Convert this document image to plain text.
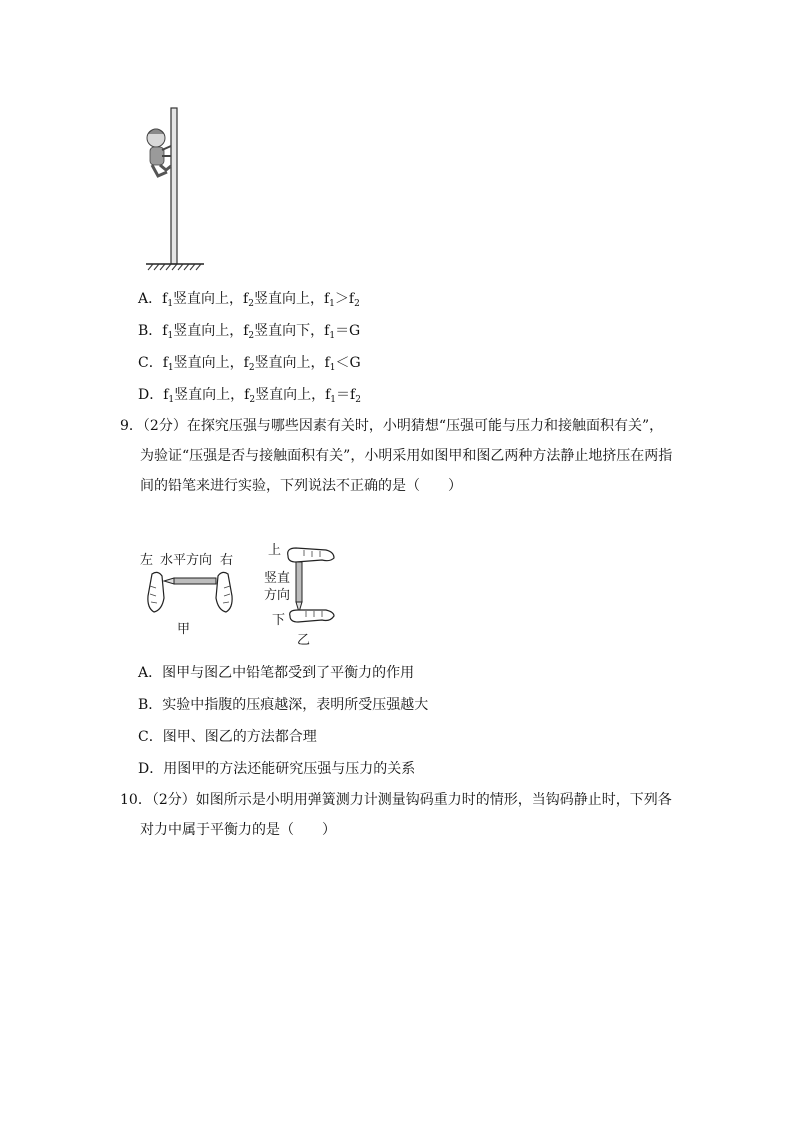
A．$f_1$竖直向上，$f_2$竖直向上，$f_1>f_2$
B．$f_1$竖直向上，$f_2$竖直向下，$f_1=G$
C．$f_1$竖直向上，$f_2$竖直向上，$f_1<G$
D．$f_1$竖直向上，$f_2$竖直向上，$f_1=f_2$
9．（2分）在探究压强与哪些因素有关时，小明猜想“压强可能与压力和接触面积有关”，
为验证“压强是否与接触面积有关”，小明采用如图甲和图乙两种方法静止地挤压在两指
间的铅笔来进行实验，下列说法不正确的是（　　）
左 水平方向 右
甲
上
竖直
方向
下
乙
A．图甲与图乙中铅笔都受到了平衡力的作用
B．实验中指腹的压痕越深，表明所受压强越大
C．图甲、图乙的方法都合理
D．用图甲的方法还能研究压强与压力的关系
10．（2分）如图所示是小明用弹簧测力计测量钩码重力时的情形，当钩码静止时，下列各
对力中属于平衡力的是（　　）
